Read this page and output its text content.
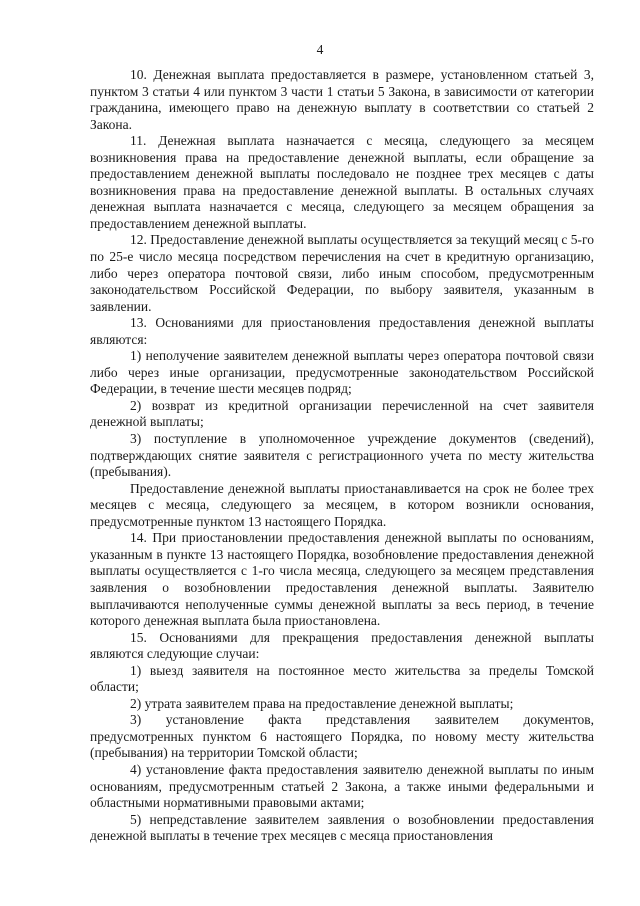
4

10. Денежная выплата предоставляется в размере, установленном статьей 3, пунктом 3 статьи 4 или пунктом 3 части 1 статьи 5 Закона, в зависимости от категории гражданина, имеющего право на денежную выплату в соответствии со статьей 2 Закона.

11. Денежная выплата назначается с месяца, следующего за месяцем возникновения права на предоставление денежной выплаты, если обращение за предоставлением денежной выплаты последовало не позднее трех месяцев с даты возникновения права на предоставление денежной выплаты. В остальных случаях денежная выплата назначается с месяца, следующего за месяцем обращения за предоставлением денежной выплаты.

12. Предоставление денежной выплаты осуществляется за текущий месяц с 5-го по 25-е число месяца посредством перечисления на счет в кредитную организацию, либо через оператора почтовой связи, либо иным способом, предусмотренным законодательством Российской Федерации, по выбору заявителя, указанным в заявлении.

13. Основаниями для приостановления предоставления денежной выплаты являются:

1) неполучение заявителем денежной выплаты через оператора почтовой связи либо через иные организации, предусмотренные законодательством Российской Федерации, в течение шести месяцев подряд;

2) возврат из кредитной организации перечисленной на счет заявителя денежной выплаты;

3) поступление в уполномоченное учреждение документов (сведений), подтверждающих снятие заявителя с регистрационного учета по месту жительства (пребывания).

Предоставление денежной выплаты приостанавливается на срок не более трех месяцев с месяца, следующего за месяцем, в котором возникли основания, предусмотренные пунктом 13 настоящего Порядка.

14. При приостановлении предоставления денежной выплаты по основаниям, указанным в пункте 13 настоящего Порядка, возобновление предоставления денежной выплаты осуществляется с 1-го числа месяца, следующего за месяцем представления заявления о возобновлении предоставления денежной выплаты. Заявителю выплачиваются неполученные суммы денежной выплаты за весь период, в течение которого денежная выплата была приостановлена.

15. Основаниями для прекращения предоставления денежной выплаты являются следующие случаи:

1) выезд заявителя на постоянное место жительства за пределы Томской области;

2) утрата заявителем права на предоставление денежной выплаты;

3) установление факта представления заявителем документов, предусмотренных пунктом 6 настоящего Порядка, по новому месту жительства (пребывания) на территории Томской области;

4) установление факта предоставления заявителю денежной выплаты по иным основаниям, предусмотренным статьей 2 Закона, а также иными федеральными и областными нормативными правовыми актами;

5) непредставление заявителем заявления о возобновлении предоставления денежной выплаты в течение трех месяцев с месяца приостановления
